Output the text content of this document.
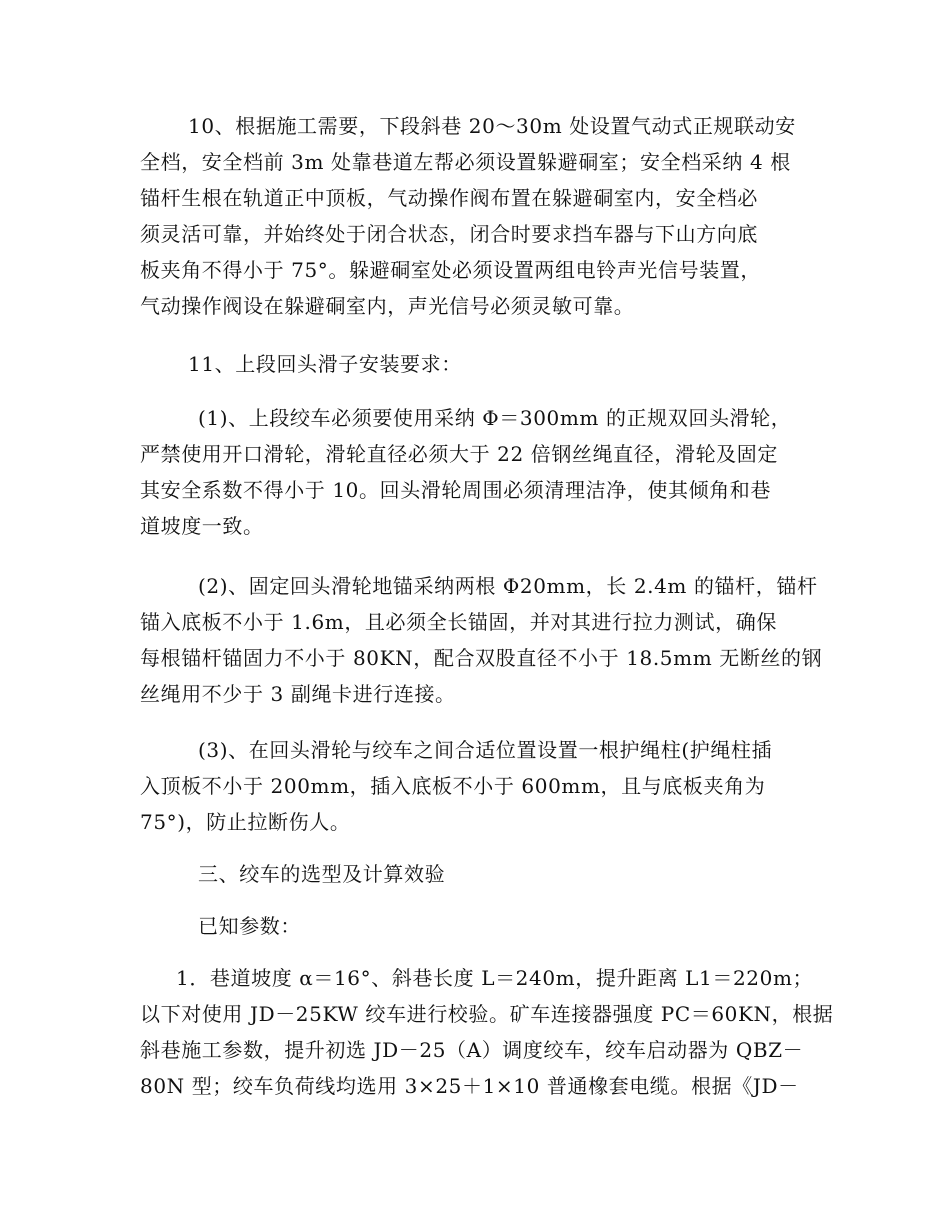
10、根据施工需要，下段斜巷 20～30m 处设置气动式正规联动安
全档，安全档前 3m 处靠巷道左帮必须设置躲避硐室；安全档采纳 4 根
锚杆生根在轨道正中顶板，气动操作阀布置在躲避硐室内，安全档必
须灵活可靠，并始终处于闭合状态，闭合时要求挡车器与下山方向底
板夹角不得小于 75°。躲避硐室处必须设置两组电铃声光信号装置，
气动操作阀设在躲避硐室内，声光信号必须灵敏可靠。
11、上段回头滑子安装要求：
(1)、上段绞车必须要使用采纳 Φ＝300mm 的正规双回头滑轮，
严禁使用开口滑轮，滑轮直径必须大于 22 倍钢丝绳直径，滑轮及固定
其安全系数不得小于 10。回头滑轮周围必须清理洁净，使其倾角和巷
道坡度一致。
(2)、固定回头滑轮地锚采纳两根 Φ20mm，长 2.4m 的锚杆，锚杆
锚入底板不小于 1.6m，且必须全长锚固，并对其进行拉力测试，确保
每根锚杆锚固力不小于 80KN，配合双股直径不小于 18.5mm 无断丝的钢
丝绳用不少于 3 副绳卡进行连接。
(3)、在回头滑轮与绞车之间合适位置设置一根护绳柱(护绳柱插
入顶板不小于 200mm，插入底板不小于 600mm，且与底板夹角为
75°)，防止拉断伤人。
三、绞车的选型及计算效验
已知参数：
1．巷道坡度 α＝16°、斜巷长度 L＝240m，提升距离 L1＝220m；
以下对使用 JD－25KW 绞车进行校验。矿车连接器强度 PC＝60KN，根据
斜巷施工参数，提升初选 JD－25（A）调度绞车，绞车启动器为 QBZ－
80N 型；绞车负荷线均选用 3×25＋1×10 普通橡套电缆。根据《JD－
